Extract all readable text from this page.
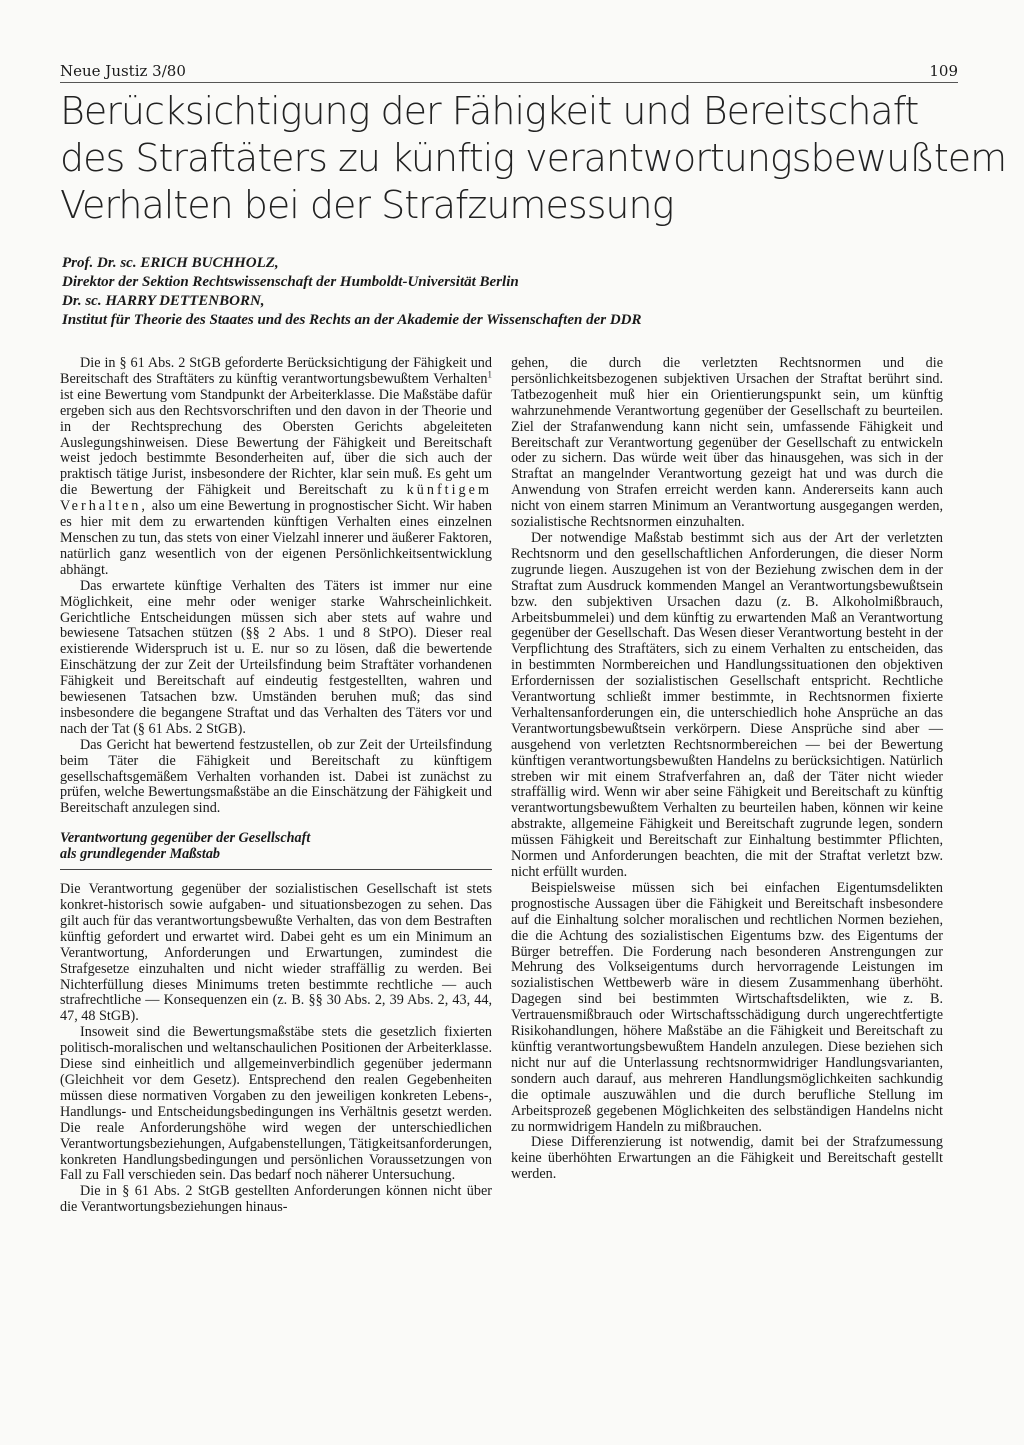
Neue Justiz 3/80	109
Berücksichtigung der Fähigkeit und Bereitschaft
des Straftäters zu künftig verantwortungsbewußtem
Verhalten bei der Strafzumessung
Prof. Dr. sc. ERICH BUCHHOLZ,
Direktor der Sektion Rechtswissenschaft der Humboldt-Universität Berlin
Dr. sc. HARRY DETTENBORN,
Institut für Theorie des Staates und des Rechts an der Akademie der Wissenschaften der DDR

Die in § 61 Abs. 2 StGB geforderte Berücksichtigung der Fähigkeit und Bereitschaft des Straftäters zu künftig verantwortungsbewußtem Verhalten$^1$ ist eine Bewertung vom Standpunkt der Arbeiterklasse. Die Maßstäbe dafür ergeben sich aus den Rechtsvorschriften und den davon in der Theorie und in der Rechtsprechung des Obersten Gerichts abgeleiteten Auslegungshinweisen. Diese Bewertung der Fähigkeit und Bereitschaft weist jedoch bestimmte Besonderheiten auf, über die sich auch der praktisch tätige Jurist, insbesondere der Richter, klar sein muß. Es geht um die Bewertung der Fähigkeit und Bereitschaft zu künftigem Verhalten, also um eine Bewertung in prognostischer Sicht. Wir haben es hier mit dem zu erwartenden künftigen Verhalten eines einzelnen Menschen zu tun, das stets von einer Vielzahl innerer und äußerer Faktoren, natürlich ganz wesentlich von der eigenen Persönlichkeitsentwicklung abhängt.

Das erwartete künftige Verhalten des Täters ist immer nur eine Möglichkeit, eine mehr oder weniger starke Wahrscheinlichkeit. Gerichtliche Entscheidungen müssen sich aber stets auf wahre und bewiesene Tatsachen stützen (§§ 2 Abs. 1 und 8 StPO). Dieser real existierende Widerspruch ist u. E. nur so zu lösen, daß die bewertende Einschätzung der zur Zeit der Urteilsfindung beim Straftäter vorhandenen Fähigkeit und Bereitschaft auf eindeutig festgestellten, wahren und bewiesenen Tatsachen bzw. Umständen beruhen muß; das sind insbesondere die begangene Straftat und das Verhalten des Täters vor und nach der Tat (§ 61 Abs. 2 StGB).

Das Gericht hat bewertend festzustellen, ob zur Zeit der Urteilsfindung beim Täter die Fähigkeit und Bereitschaft zu künftigem gesellschaftsgemäßem Verhalten vorhanden ist. Dabei ist zunächst zu prüfen, welche Bewertungsmaßstäbe an die Einschätzung der Fähigkeit und Bereitschaft anzulegen sind.

Verantwortung gegenüber der Gesellschaft
als grundlegender Maßstab

Die Verantwortung gegenüber der sozialistischen Gesellschaft ist stets konkret-historisch sowie aufgaben- und situationsbezogen zu sehen. Das gilt auch für das verantwortungsbewußte Verhalten, das von dem Bestraften künftig gefordert und erwartet wird. Dabei geht es um ein Minimum an Verantwortung, Anforderungen und Erwartungen, zumindest die Strafgesetze einzuhalten und nicht wieder straffällig zu werden. Bei Nichterfüllung dieses Minimums treten bestimmte rechtliche — auch strafrechtliche — Konsequenzen ein (z. B. §§ 30 Abs. 2, 39 Abs. 2, 43, 44, 47, 48 StGB).

Insoweit sind die Bewertungsmaßstäbe stets die gesetzlich fixierten politisch-moralischen und weltanschaulichen Positionen der Arbeiterklasse. Diese sind einheitlich und allgemeinverbindlich gegenüber jedermann (Gleichheit vor dem Gesetz). Entsprechend den realen Gegebenheiten müssen diese normativen Vorgaben zu den jeweiligen konkreten Lebens-, Handlungs- und Entscheidungsbedingungen ins Verhältnis gesetzt werden. Die reale Anforderungshöhe wird wegen der unterschiedlichen Verantwortungsbeziehungen, Aufgabenstellungen, Tätigkeitsanforderungen, konkreten Handlungsbedingungen und persönlichen Voraussetzungen von Fall zu Fall verschieden sein. Das bedarf noch näherer Untersuchung.

Die in § 61 Abs. 2 StGB gestellten Anforderungen können nicht über die Verantwortungsbeziehungen hinaus-

gehen, die durch die verletzten Rechtsnormen und die persönlichkeitsbezogenen subjektiven Ursachen der Straftat berührt sind. Tatbezogenheit muß hier ein Orientierungspunkt sein, um künftig wahrzunehmende Verantwortung gegenüber der Gesellschaft zu beurteilen. Ziel der Strafanwendung kann nicht sein, umfassende Fähigkeit und Bereitschaft zur Verantwortung gegenüber der Gesellschaft zu entwickeln oder zu sichern. Das würde weit über das hinausgehen, was sich in der Straftat an mangelnder Verantwortung gezeigt hat und was durch die Anwendung von Strafen erreicht werden kann. Andererseits kann auch nicht von einem starren Minimum an Verantwortung ausgegangen werden, sozialistische Rechtsnormen einzuhalten.

Der notwendige Maßstab bestimmt sich aus der Art der verletzten Rechtsnorm und den gesellschaftlichen Anforderungen, die dieser Norm zugrunde liegen. Auszugehen ist von der Beziehung zwischen dem in der Straftat zum Ausdruck kommenden Mangel an Verantwortungsbewußtsein bzw. den subjektiven Ursachen dazu (z. B. Alkoholmißbrauch, Arbeitsbummelei) und dem künftig zu erwartenden Maß an Verantwortung gegenüber der Gesellschaft. Das Wesen dieser Verantwortung besteht in der Verpflichtung des Straftäters, sich zu einem Verhalten zu entscheiden, das in bestimmten Normbereichen und Handlungssituationen den objektiven Erfordernissen der sozialistischen Gesellschaft entspricht. Rechtliche Verantwortung schließt immer bestimmte, in Rechtsnormen fixierte Verhaltensanforderungen ein, die unterschiedlich hohe Ansprüche an das Verantwortungsbewußtsein verkörpern. Diese Ansprüche sind aber — ausgehend von verletzten Rechtsnormbereichen — bei der Bewertung künftigen verantwortungsbewußten Handelns zu berücksichtigen. Natürlich streben wir mit einem Strafverfahren an, daß der Täter nicht wieder straffällig wird. Wenn wir aber seine Fähigkeit und Bereitschaft zu künftig verantwortungsbewußtem Verhalten zu beurteilen haben, können wir keine abstrakte, allgemeine Fähigkeit und Bereitschaft zugrunde legen, sondern müssen Fähigkeit und Bereitschaft zur Einhaltung bestimmter Pflichten, Normen und Anforderungen beachten, die mit der Straftat verletzt bzw. nicht erfüllt wurden.

Beispielsweise müssen sich bei einfachen Eigentumsdelikten prognostische Aussagen über die Fähigkeit und Bereitschaft insbesondere auf die Einhaltung solcher moralischen und rechtlichen Normen beziehen, die die Achtung des sozialistischen Eigentums bzw. des Eigentums der Bürger betreffen. Die Forderung nach besonderen Anstrengungen zur Mehrung des Volkseigentums durch hervorragende Leistungen im sozialistischen Wettbewerb wäre in diesem Zusammenhang überhöht. Dagegen sind bei bestimmten Wirtschaftsdelikten, wie z. B. Vertrauensmißbrauch oder Wirtschaftsschädigung durch ungerechtfertigte Risikohandlungen, höhere Maßstäbe an die Fähigkeit und Bereitschaft zu künftig verantwortungsbewußtem Handeln anzulegen. Diese beziehen sich nicht nur auf die Unterlassung rechtsnormwidriger Handlungsvarianten, sondern auch darauf, aus mehreren Handlungsmöglichkeiten sachkundig die optimale auszuwählen und die durch berufliche Stellung im Arbeitsprozeß gegebenen Möglichkeiten des selbständigen Handelns nicht zu normwidrigem Handeln zu mißbrauchen.

Diese Differenzierung ist notwendig, damit bei der Strafzumessung keine überhöhten Erwartungen an die Fähigkeit und Bereitschaft gestellt werden.
